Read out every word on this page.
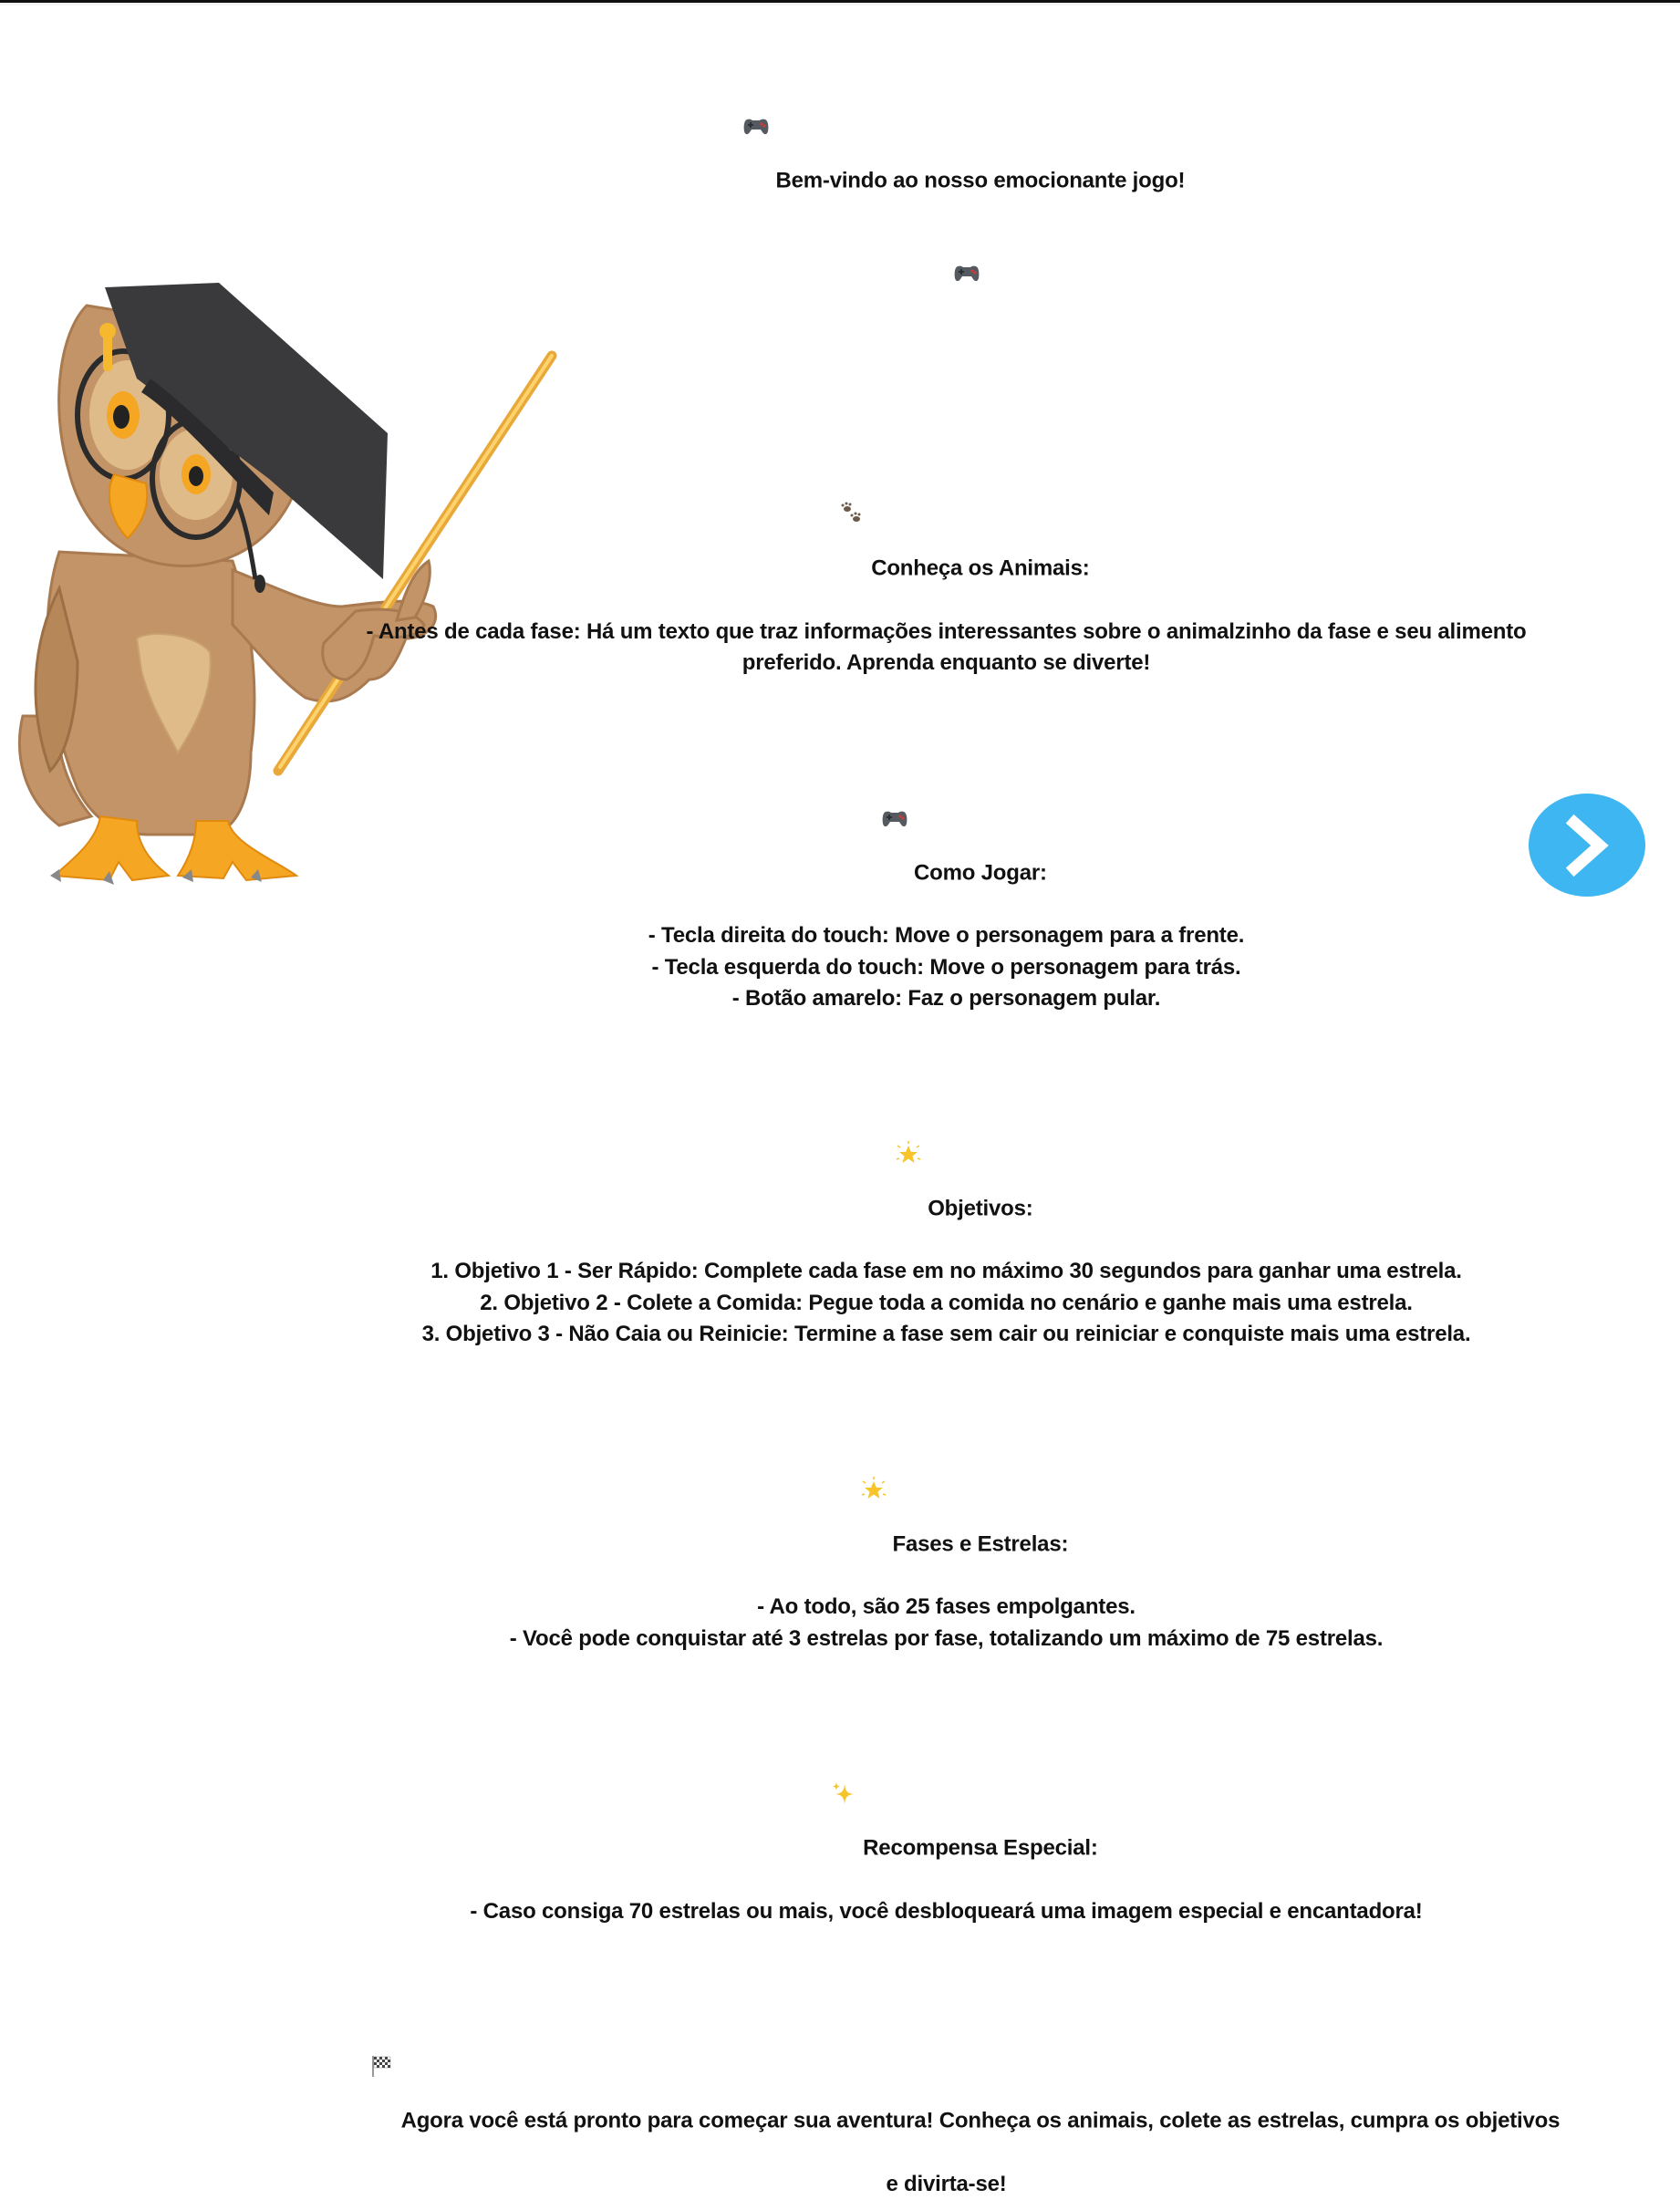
Bem-vindo ao nosso emocionante jogo!

Conheça os Animais:

- Antes de cada fase: Há um texto que traz informações interessantes sobre o animalzinho da fase e seu alimento
preferido. Aprenda enquanto se diverte!

Como Jogar:

- Tecla direita do touch: Move o personagem para a frente.
- Tecla esquerda do touch: Move o personagem para trás.
- Botão amarelo: Faz o personagem pular.

Objetivos:

1. Objetivo 1 - Ser Rápido: Complete cada fase em no máximo 30 segundos para ganhar uma estrela.
2. Objetivo 2 - Colete a Comida: Pegue toda a comida no cenário e ganhe mais uma estrela.
3. Objetivo 3 - Não Caia ou Reinicie: Termine a fase sem cair ou reiniciar e conquiste mais uma estrela.

Fases e Estrelas:

- Ao todo, são 25 fases empolgantes.
- Você pode conquistar até 3 estrelas por fase, totalizando um máximo de 75 estrelas.

Recompensa Especial:

- Caso consiga 70 estrelas ou mais, você desbloqueará uma imagem especial e encantadora!

Agora você está pronto para começar sua aventura! Conheça os animais, colete as estrelas, cumpra os objetivos

e divirta-se!
